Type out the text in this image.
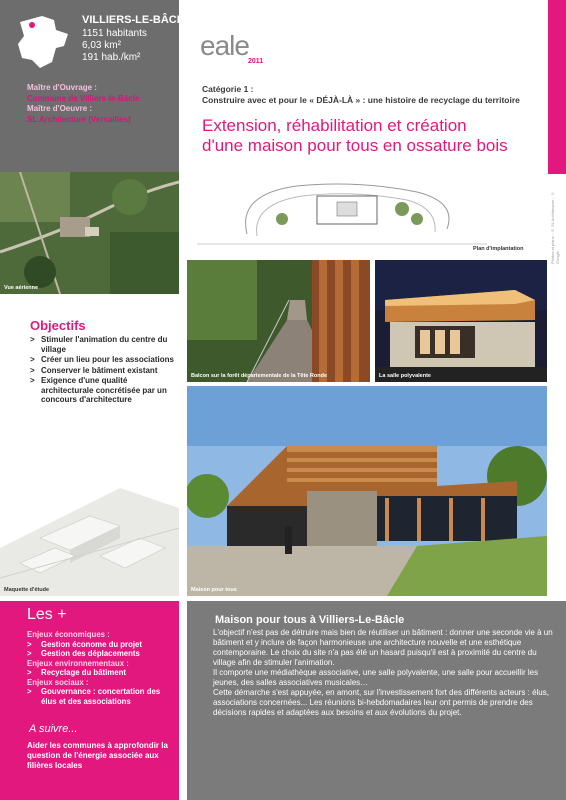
VILLIERS-LE-BÂCLE
1151 habitants
6,03 km²
191 hab./km²
Maître d'Ouvrage :
Commune de Villiers-le-Bâcle
Maître d'Oeuvre :
SL Architecture (Versailles)
eale
2011
Catégorie 1 :
Construire avec et pour le « DÉJÀ-LÀ » : une histoire de recyclage du territoire
Extension, réhabilitation et création
d'une maison pour tous en ossature bois
Photos et plans : © SL Architecture ; © Google
Vue aérienne
Plan d'implantation
Balcon sur la forêt départementale de la Tête Ronde	La salle polyvalente
Objectifs
> Stimuler l'animation du centre du village
> Créer un lieu pour les associations
> Conserver le bâtiment existant
> Exigence d'une qualité architecturale concrétisée par un concours d'architecture
Maquette d'étude	Maison pour tous
Les +
Enjeux économiques :
> Gestion économe du projet
> Gestion des déplacements
Enjeux environnementaux :
> Recyclage du bâtiment
Enjeux sociaux :
> Gouvernance : concertation des élus et des associations
A suivre...
Aider les communes à approfondir la question de l'énergie associée aux filières locales
Maison pour tous à Villiers-Le-Bâcle

L'objectif n'est pas de détruire mais bien de réutiliser un bâtiment : donner une seconde vie à un bâtiment et y inclure de façon harmonieuse une architecture nouvelle et une esthétique contemporaine. Le choix du site n'a pas été un hasard puisqu'il est à proximité du centre du village afin de stimuler l'animation.

Il comporte une médiathèque associative, une salle polyvalente, une salle pour accueillir les jeunes, des salles associatives musicales…

Cette démarche s'est appuyée, en amont, sur l'investissement fort des différents acteurs : élus, associations concernées... Les réunions bi-hebdomadaires leur ont permis de prendre des décisions rapides et adaptées aux besoins et aux évolutions du projet.
